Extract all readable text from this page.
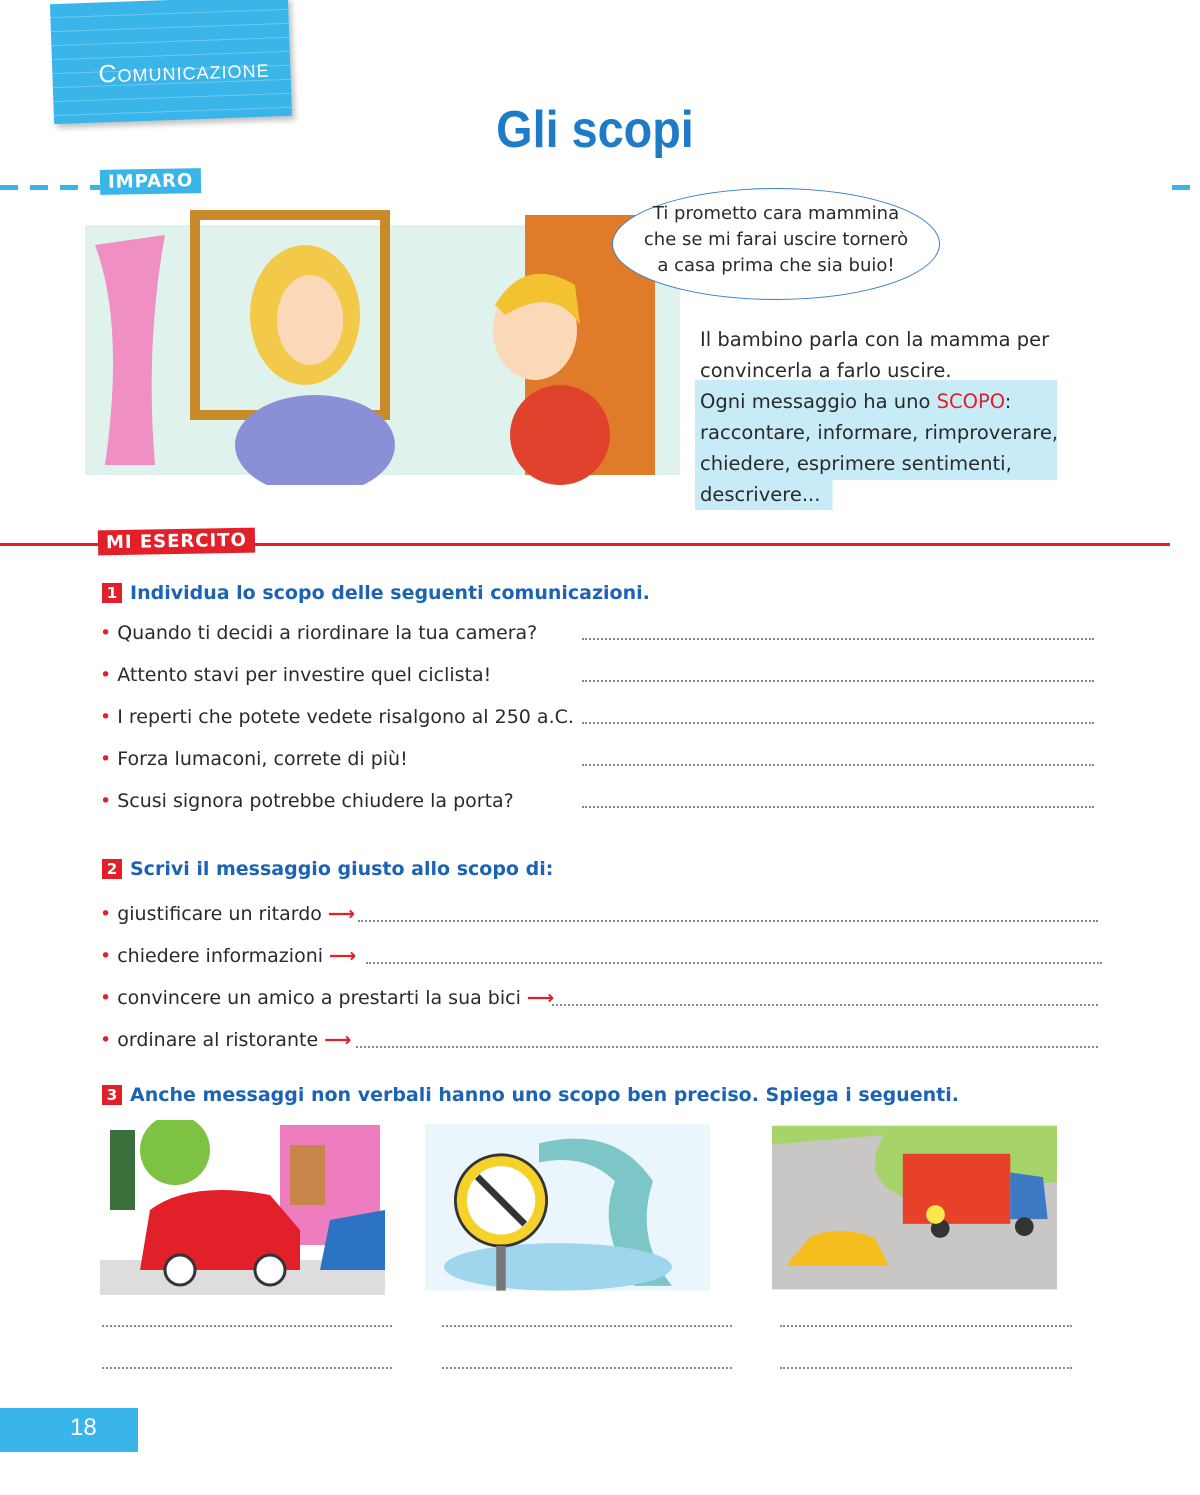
Comunicazione
Gli scopi
IMPARO
Ti prometto cara mammina
che se mi farai uscire tornerò
a casa prima che sia buio!
Il bambino parla con la mamma per convincerla a farlo uscire.
Ogni messaggio ha uno SCOPO: raccontare, informare, rimproverare, chiedere, esprimere sentimenti, descrivere...
MI ESERCITO
1 Individua lo scopo delle seguenti comunicazioni.
• Quando ti decidi a riordinare la tua camera?
• Attento stavi per investire quel ciclista!
• I reperti che potete vedete risalgono al 250 a.C.
• Forza lumaconi, correte di più!
• Scusi signora potrebbe chiudere la porta?
2 Scrivi il messaggio giusto allo scopo di:
• giustificare un ritardo ⟶
• chiedere informazioni ⟶
• convincere un amico a prestarti la sua bici ⟶
• ordinare al ristorante ⟶
3 Anche messaggi non verbali hanno uno scopo ben preciso. Spiega i seguenti.
18
